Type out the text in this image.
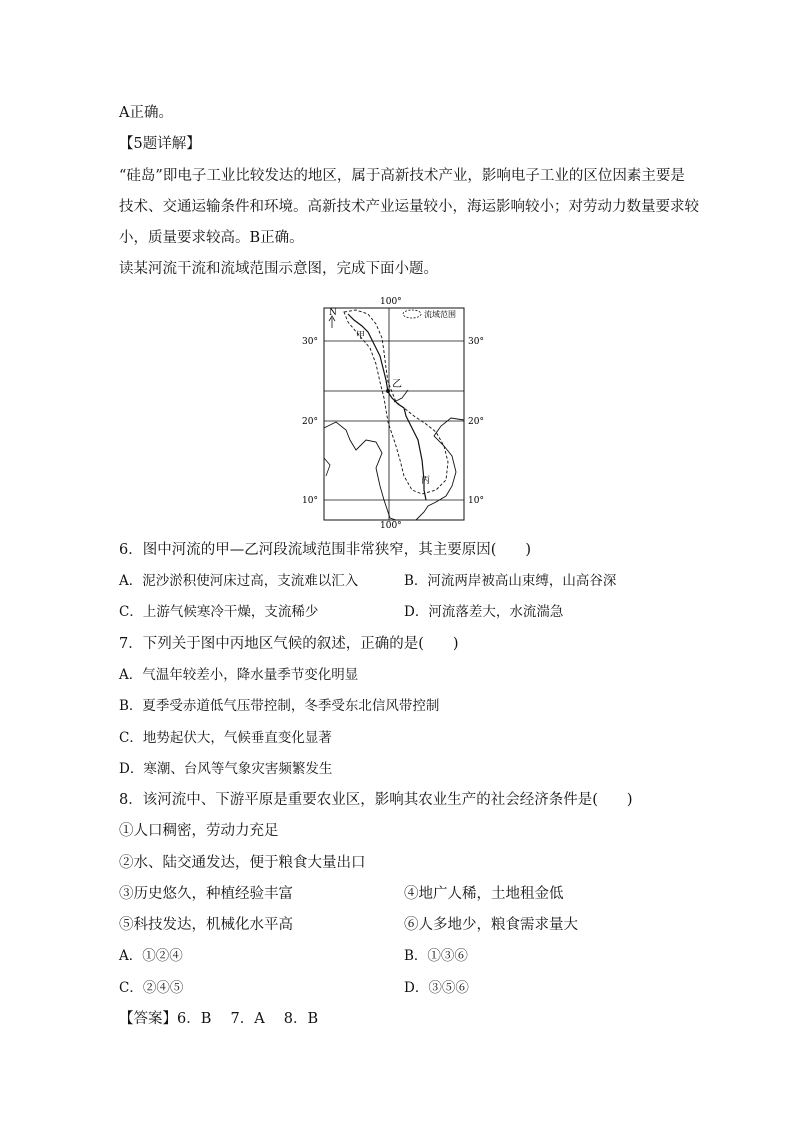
A正确。
【5题详解】
“硅岛”即电子工业比较发达的地区，属于高新技术产业，影响电子工业的区位因素主要是
技术、交通运输条件和环境。高新技术产业运量较小，海运影响较小；对劳动力数量要求较
小，质量要求较高。B正确。
读某河流干流和流域范围示意图，完成下面小题。
N	流域范围
100°
100°
30°	30°
20°	20°
10°	10°
甲
乙
丙
6．图中河流的甲—乙河段流域范围非常狭窄，其主要原因(　　)
A．泥沙淤积使河床过高，支流难以汇入	B．河流两岸被高山束缚，山高谷深
C．上游气候寒冷干燥，支流稀少	D．河流落差大，水流湍急
7．下列关于图中丙地区气候的叙述，正确的是(　　)
A．气温年较差小，降水量季节变化明显
B．夏季受赤道低气压带控制，冬季受东北信风带控制
C．地势起伏大，气候垂直变化显著
D．寒潮、台风等气象灾害频繁发生
8．该河流中、下游平原是重要农业区，影响其农业生产的社会经济条件是(　　)
①人口稠密，劳动力充足
②水、陆交通发达，便于粮食大量出口
③历史悠久，种植经验丰富	④地广人稀，土地租金低
⑤科技发达，机械化水平高	⑥人多地少，粮食需求量大
A．①②④	B．①③⑥
C．②④⑤	D．③⑤⑥
【答案】6．B　 7．A　 8．B
